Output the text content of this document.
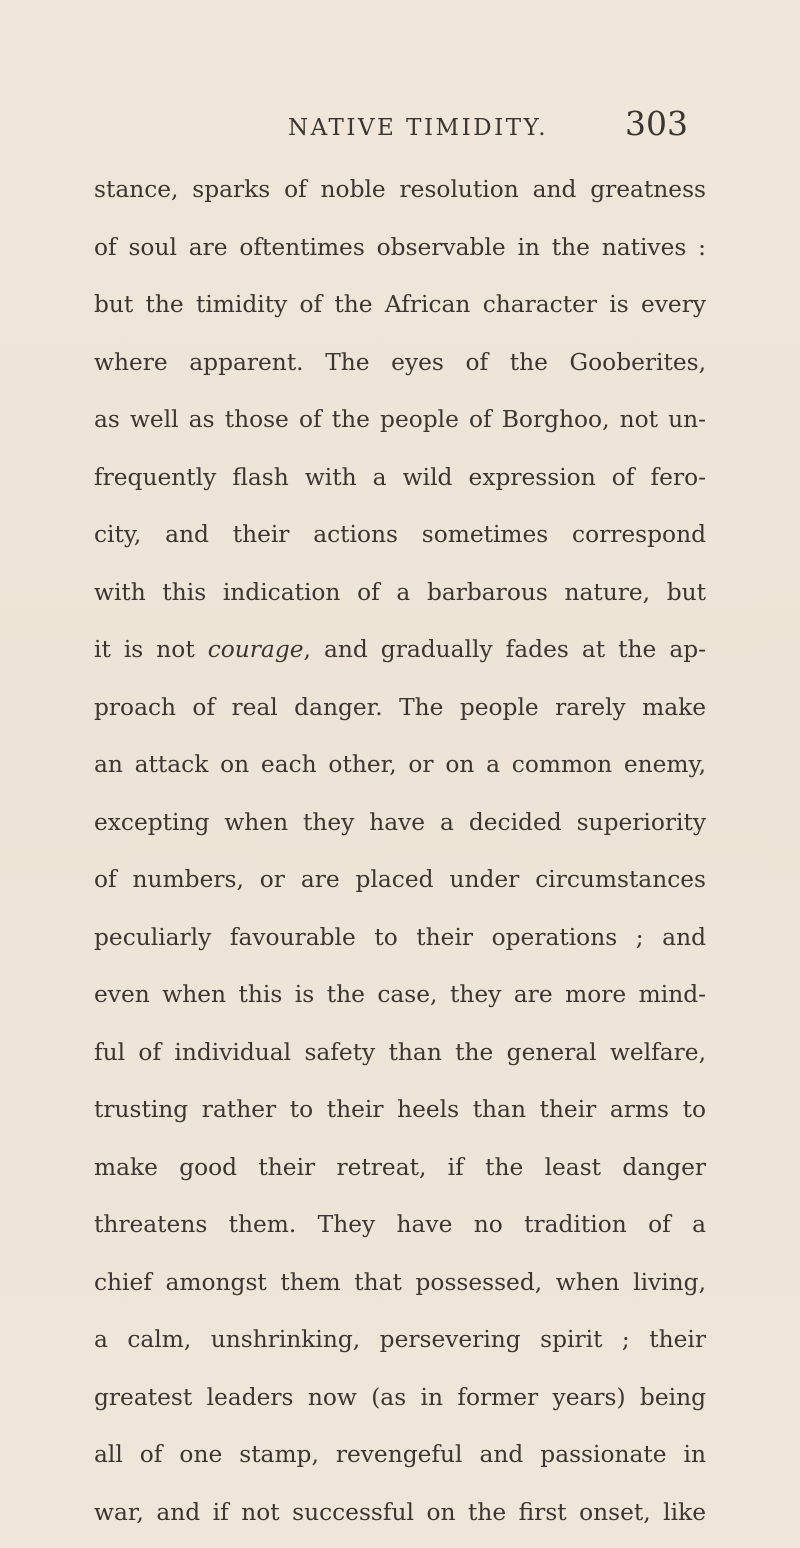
NATIVE TIMIDITY. 303
stance, sparks of noble resolution and greatness
of soul are oftentimes observable in the natives :
but the timidity of the African character is every
where apparent. The eyes of the Gooberites,
as well as those of the people of Borghoo, not un-
frequently flash with a wild expression of fero-
city, and their actions sometimes correspond
with this indication of a barbarous nature, but
it is not courage, and gradually fades at the ap-
proach of real danger. The people rarely make
an attack on each other, or on a common enemy,
excepting when they have a decided superiority
of numbers, or are placed under circumstances
peculiarly favourable to their operations ; and
even when this is the case, they are more mind-
ful of individual safety than the general welfare,
trusting rather to their heels than their arms to
make good their retreat, if the least danger
threatens them. They have no tradition of a
chief amongst them that possessed, when living,
a calm, unshrinking, persevering spirit ; their
greatest leaders now (as in former years) being
all of one stamp, revengeful and passionate in
war, and if not successful on the first onset, like
